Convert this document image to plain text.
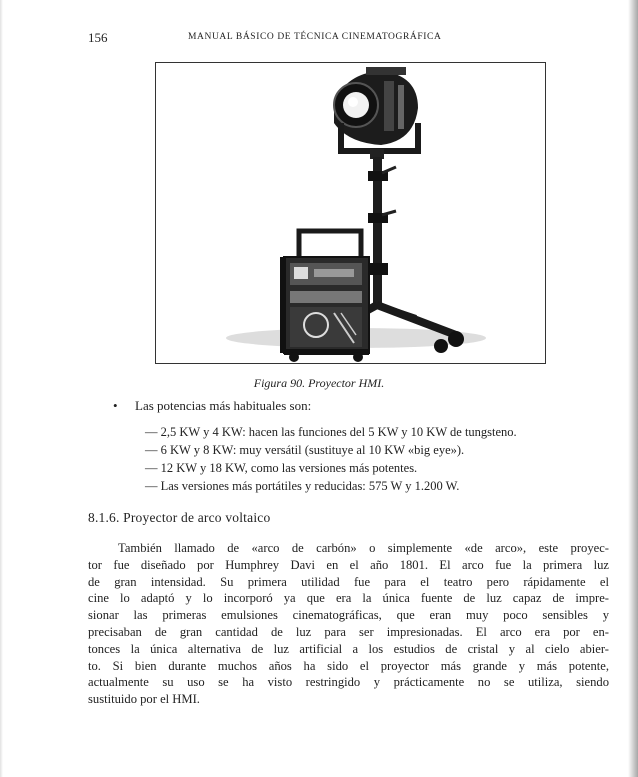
156	MANUAL BÁSICO DE TÉCNICA CINEMATOGRÁFICA
Figura 90. Proyector HMI.
• Las potencias más habituales son:
— 2,5 KW y 4 KW: hacen las funciones del 5 KW y 10 KW de tungsteno.
— 6 KW y 8 KW: muy versátil (sustituye al 10 KW «big eye»).
— 12 KW y 18 KW, como las versiones más potentes.
— Las versiones más portátiles y reducidas: 575 W y 1.200 W.
8.1.6. Proyector de arco voltaico
También llamado de «arco de carbón» o simplemente «de arco», este proyec-
tor fue diseñado por Humphrey Davi en el año 1801. El arco fue la primera luz
de gran intensidad. Su primera utilidad fue para el teatro pero rápidamente el
cine lo adaptó y lo incorporó ya que era la única fuente de luz capaz de impre-
sionar las primeras emulsiones cinematográficas, que eran muy poco sensibles y
precisaban de gran cantidad de luz para ser impresionadas. El arco era por en-
tonces la única alternativa de luz artificial a los estudios de cristal y al cielo abier-
to. Si bien durante muchos años ha sido el proyector más grande y más potente,
actualmente su uso se ha visto restringido y prácticamente no se utiliza, siendo
sustituido por el HMI.
